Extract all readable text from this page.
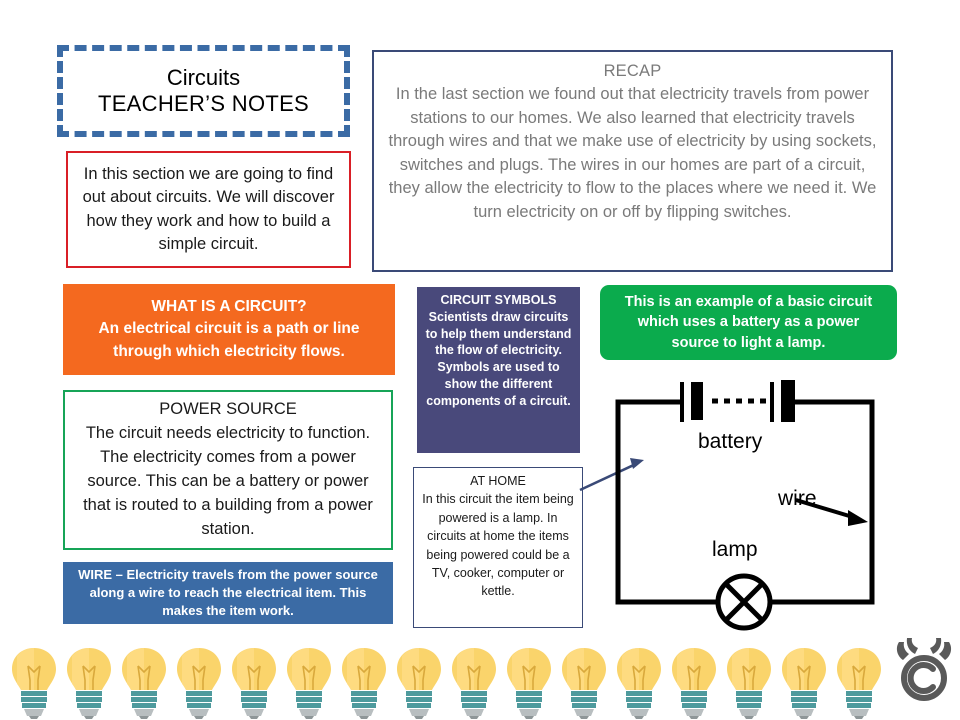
Circuits
TEACHER’S NOTES

In this section we are going to find out about circuits. We will discover how they work and how to build a simple circuit.

RECAP

In the last section we found out that electricity travels from power stations to our homes. We also learned that electricity travels through wires and that we make use of electricity by using sockets, switches and plugs. The wires in our homes are part of a circuit, they allow the electricity to flow to the places where we need it. We turn electricity on or off by flipping switches.

WHAT IS A CIRCUIT?
An electrical circuit is a path or line through which electricity flows.
CIRCUIT SYMBOLS
Scientists draw circuits to help them understand the flow of electricity. Symbols are used to show the different components of a circuit.
This is an example of a basic circuit which uses a battery as a power source to light a lamp.
POWER SOURCE

The circuit needs electricity to function. The electricity comes from a power source. This can be a battery or power that is routed to a building from a power station.

WIRE – Electricity travels from the power source along a wire to reach the electrical item. This makes the item work.
AT HOME

In this circuit the item being powered is a lamp. In circuits at home the items being powered could be a TV, cooker, computer or kettle.

battery
wire
lamp
